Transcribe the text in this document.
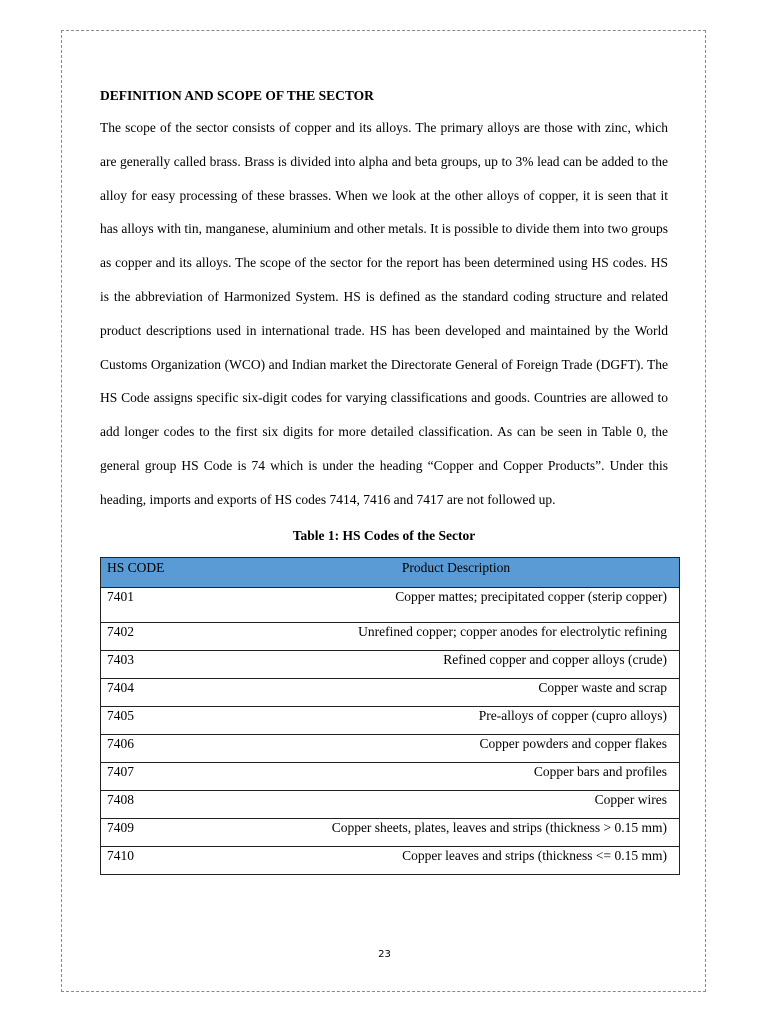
DEFINITION AND SCOPE OF THE SECTOR

The scope of the sector consists of copper and its alloys. The primary alloys are those with zinc, which are generally called brass. Brass is divided into alpha and beta groups, up to 3% lead can be added to the alloy for easy processing of these brasses. When we look at the other alloys of copper, it is seen that it has alloys with tin, manganese, aluminium and other metals. It is possible to divide them into two groups as copper and its alloys. The scope of the sector for the report has been determined using HS codes. HS is the abbreviation of Harmonized System. HS is defined as the standard coding structure and related product descriptions used in international trade. HS has been developed and maintained by the World Customs Organization (WCO) and Indian market the Directorate General of Foreign Trade (DGFT). The HS Code assigns specific six-digit codes for varying classifications and goods. Countries are allowed to add longer codes to the first six digits for more detailed classification. As can be seen in Table 0, the general group HS Code is 74 which is under the heading “Copper and Copper Products”. Under this heading, imports and exports of HS codes 7414, 7416 and 7417 are not followed up.

Table 1: HS Codes of the Sector
HS CODE	Product Description
7401	Copper mattes; precipitated copper (sterip copper)
7402	Unrefined copper; copper anodes for electrolytic refining
7403	Refined copper and copper alloys (crude)
7404	Copper waste and scrap
7405	Pre-alloys of copper (cupro alloys)
7406	Copper powders and copper flakes
7407	Copper bars and profiles
7408	Copper wires
7409	Copper sheets, plates, leaves and strips (thickness > 0.15 mm)
7410	Copper leaves and strips (thickness <= 0.15 mm)
23
